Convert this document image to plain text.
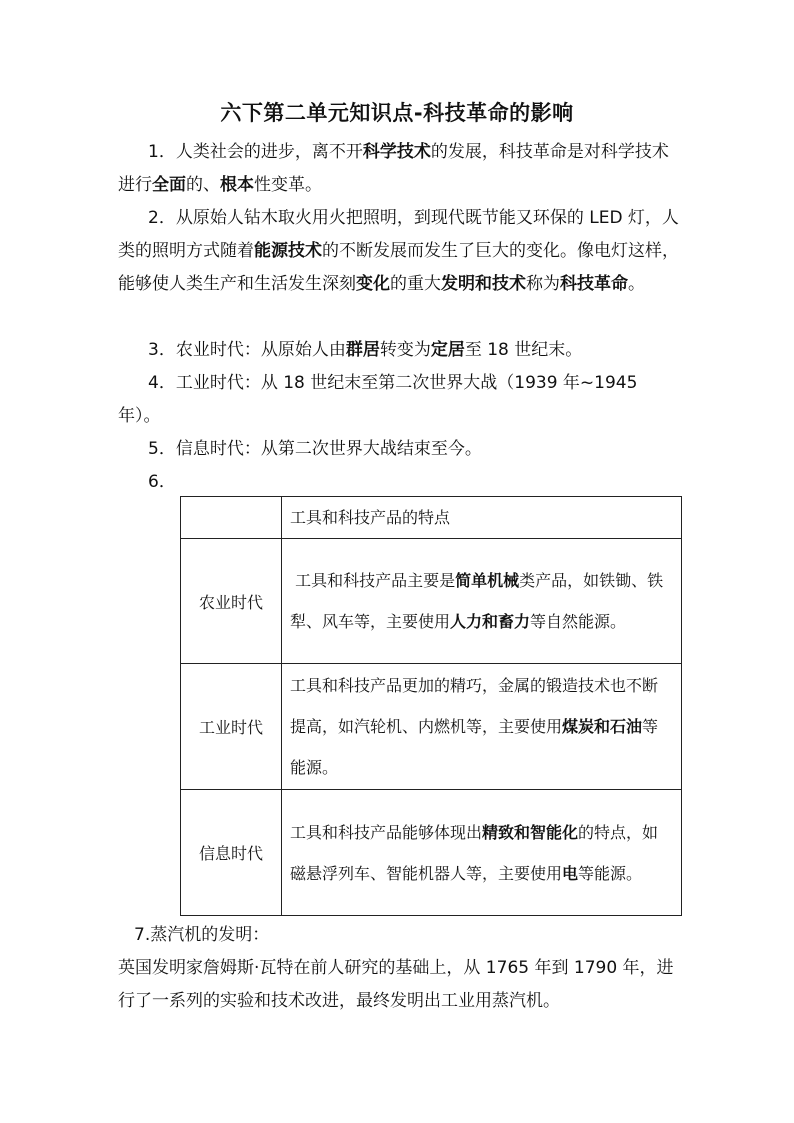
六下第二单元知识点-科技革命的影响

1．人类社会的进步，离不开科学技术的发展，科技革命是对科学技术进行全面的、根本性变革。

2．从原始人钻木取火用火把照明，到现代既节能又环保的 LED 灯，人类的照明方式随着能源技术的不断发展而发生了巨大的变化。像电灯这样，能够使人类生产和生活发生深刻变化的重大发明和技术称为科技革命。

3．农业时代：从原始人由群居转变为定居至 18 世纪末。

4．工业时代：从 18 世纪末至第二次世界大战（1939 年~1945 年）。

5．信息时代：从第二次世界大战结束至今。

6．

	工具和科技产品的特点
农业时代	工具和科技产品主要是简单机械类产品，如铁锄、铁犁、风车等，主要使用人力和畜力等自然能源。
工业时代	工具和科技产品更加的精巧，金属的锻造技术也不断提高，如汽轮机、内燃机等，主要使用煤炭和石油等能源。
信息时代	工具和科技产品能够体现出精致和智能化的特点，如磁悬浮列车、智能机器人等，主要使用电等能源。

7.蒸汽机的发明：

英国发明家詹姆斯·瓦特在前人研究的基础上，从 1765 年到 1790 年，进行了一系列的实验和技术改进，最终发明出工业用蒸汽机。
